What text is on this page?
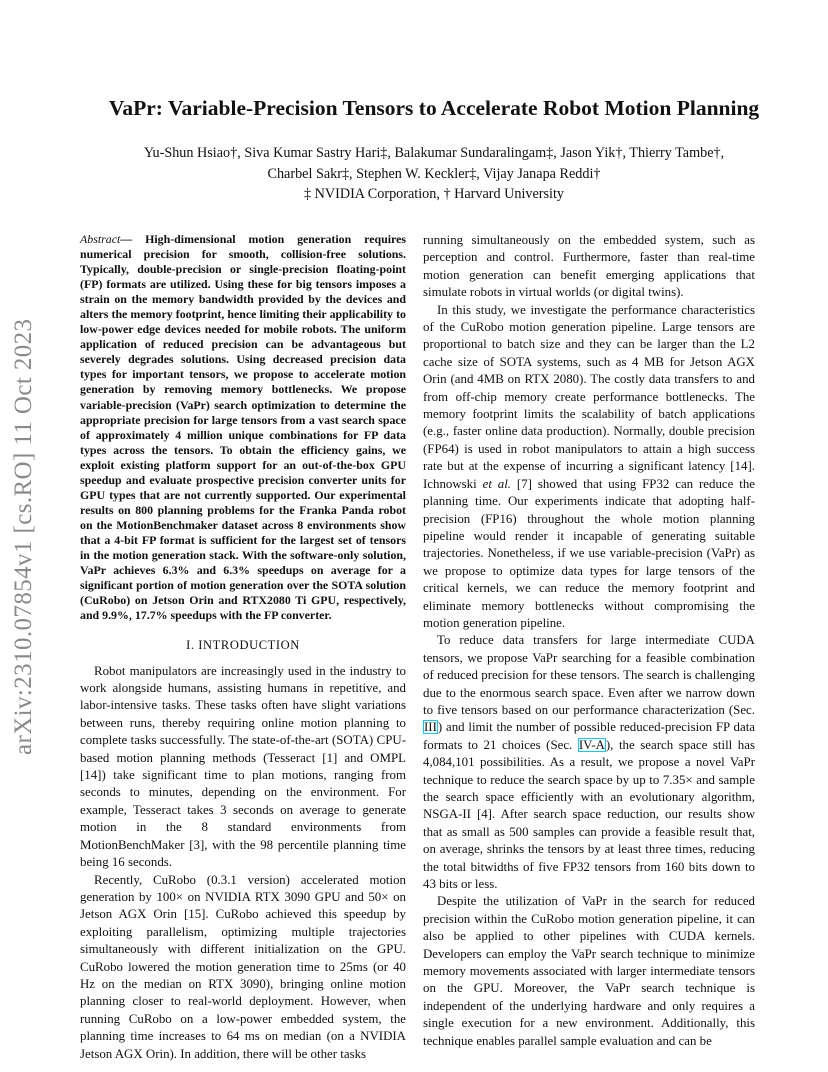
arXiv:2310.07854v1 [cs.RO] 11 Oct 2023
VaPr: Variable-Precision Tensors to Accelerate Robot Motion Planning
Yu-Shun Hsiao†, Siva Kumar Sastry Hari‡, Balakumar Sundaralingam‡, Jason Yik†, Thierry Tambe†,
Charbel Sakr‡, Stephen W. Keckler‡, Vijay Janapa Reddi†
‡ NVIDIA Corporation, † Harvard University
Abstract— High-dimensional motion generation requires numerical precision for smooth, collision-free solutions. Typically, double-precision or single-precision floating-point (FP) formats are utilized. Using these for big tensors imposes a strain on the memory bandwidth provided by the devices and alters the memory footprint, hence limiting their applicability to low-power edge devices needed for mobile robots. The uniform application of reduced precision can be advantageous but severely degrades solutions. Using decreased precision data types for important tensors, we propose to accelerate motion generation by removing memory bottlenecks. We propose variable-precision (VaPr) search optimization to determine the appropriate precision for large tensors from a vast search space of approximately 4 million unique combinations for FP data types across the tensors. To obtain the efficiency gains, we exploit existing platform support for an out-of-the-box GPU speedup and evaluate prospective precision converter units for GPU types that are not currently supported. Our experimental results on 800 planning problems for the Franka Panda robot on the MotionBenchmaker dataset across 8 environments show that a 4-bit FP format is sufficient for the largest set of tensors in the motion generation stack. With the software-only solution, VaPr achieves 6.3% and 6.3% speedups on average for a significant portion of motion generation over the SOTA solution (CuRobo) on Jetson Orin and RTX2080 Ti GPU, respectively, and 9.9%, 17.7% speedups with the FP converter.
I. INTRODUCTION

Robot manipulators are increasingly used in the industry to work alongside humans, assisting humans in repetitive, and labor-intensive tasks. These tasks often have slight variations between runs, thereby requiring online motion planning to complete tasks successfully. The state-of-the-art (SOTA) CPU-based motion planning methods (Tesseract [1] and OMPL [14]) take significant time to plan motions, ranging from seconds to minutes, depending on the environment. For example, Tesseract takes 3 seconds on average to generate motion in the 8 standard environments from MotionBenchMaker [3], with the 98 percentile planning time being 16 seconds.

Recently, CuRobo (0.3.1 version) accelerated motion generation by 100× on NVIDIA RTX 3090 GPU and 50× on Jetson AGX Orin [15]. CuRobo achieved this speedup by exploiting parallelism, optimizing multiple trajectories simultaneously with different initialization on the GPU. CuRobo lowered the motion generation time to 25ms (or 40 Hz on the median on RTX 3090), bringing online motion planning closer to real-world deployment. However, when running CuRobo on a low-power embedded system, the planning time increases to 64 ms on median (on a NVIDIA Jetson AGX Orin). In addition, there will be other tasks

running simultaneously on the embedded system, such as perception and control. Furthermore, faster than real-time motion generation can benefit emerging applications that simulate robots in virtual worlds (or digital twins).

In this study, we investigate the performance characteristics of the CuRobo motion generation pipeline. Large tensors are proportional to batch size and they can be larger than the L2 cache size of SOTA systems, such as 4 MB for Jetson AGX Orin (and 4MB on RTX 2080). The costly data transfers to and from off-chip memory create performance bottlenecks. The memory footprint limits the scalability of batch applications (e.g., faster online data production). Normally, double precision (FP64) is used in robot manipulators to attain a high success rate but at the expense of incurring a significant latency [14]. Ichnowski et al. [7] showed that using FP32 can reduce the planning time. Our experiments indicate that adopting half-precision (FP16) throughout the whole motion planning pipeline would render it incapable of generating suitable trajectories. Nonetheless, if we use variable-precision (VaPr) as we propose to optimize data types for large tensors of the critical kernels, we can reduce the memory footprint and eliminate memory bottlenecks without compromising the motion generation pipeline.

To reduce data transfers for large intermediate CUDA tensors, we propose VaPr searching for a feasible combination of reduced precision for these tensors. The search is challenging due to the enormous search space. Even after we narrow down to five tensors based on our performance characterization (Sec. III) and limit the number of possible reduced-precision FP data formats to 21 choices (Sec. IV-A), the search space still has 4,084,101 possibilities. As a result, we propose a novel VaPr technique to reduce the search space by up to 7.35× and sample the search space efficiently with an evolutionary algorithm, NSGA-II [4]. After search space reduction, our results show that as small as 500 samples can provide a feasible result that, on average, shrinks the tensors by at least three times, reducing the total bitwidths of five FP32 tensors from 160 bits down to 43 bits or less.

Despite the utilization of VaPr in the search for reduced precision within the CuRobo motion generation pipeline, it can also be applied to other pipelines with CUDA kernels. Developers can employ the VaPr search technique to minimize memory movements associated with larger intermediate tensors on the GPU. Moreover, the VaPr search technique is independent of the underlying hardware and only requires a single execution for a new environment. Additionally, this technique enables parallel sample evaluation and can be
